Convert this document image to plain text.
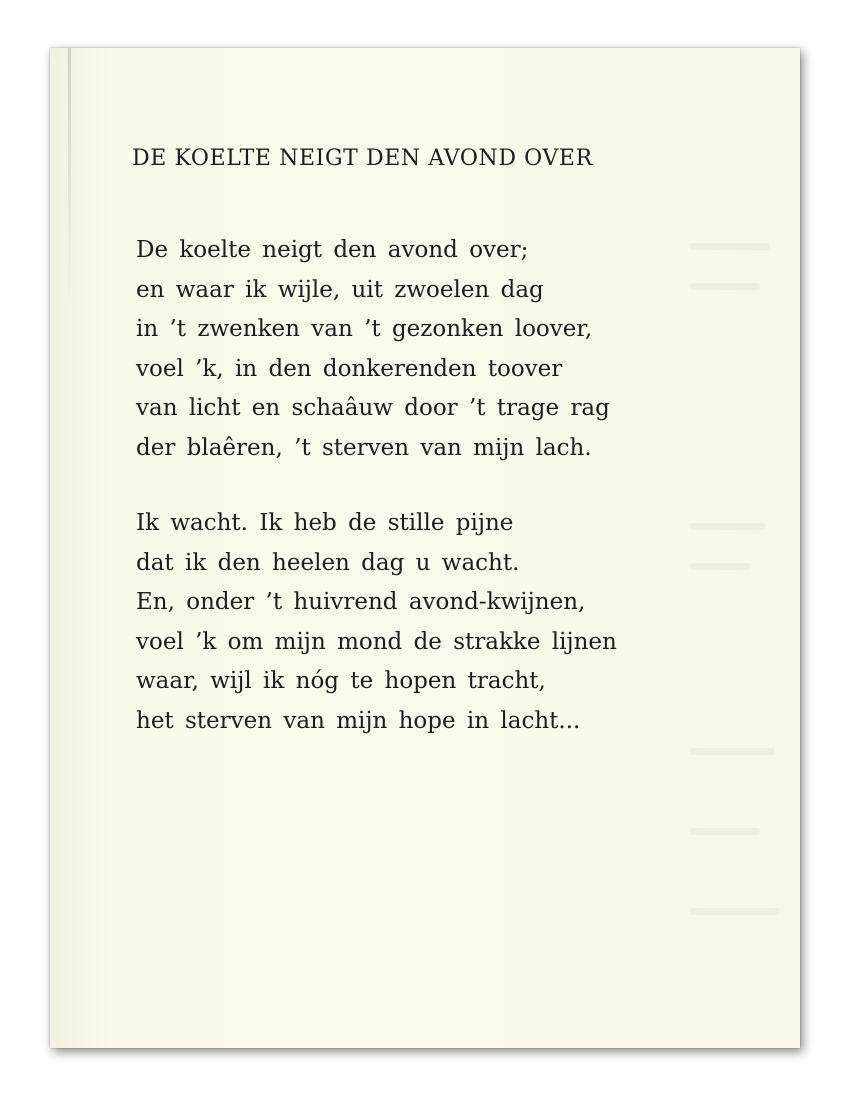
DE KOELTE NEIGT DEN AVOND OVER
De koelte neigt den avond over;
en waar ik wijle, uit zwoelen dag
in ’t zwenken van ’t gezonken loover,
voel ’k, in den donkerenden toover
van licht en schaâuw door ’t trage rag
der blaêren, ’t sterven van mijn lach.
Ik wacht. Ik heb de stille pijne
dat ik den heelen dag u wacht.
En, onder ’t huivrend avond-kwijnen,
voel ’k om mijn mond de strakke lijnen
waar, wijl ik nóg te hopen tracht,
het sterven van mijn hope in lacht...
